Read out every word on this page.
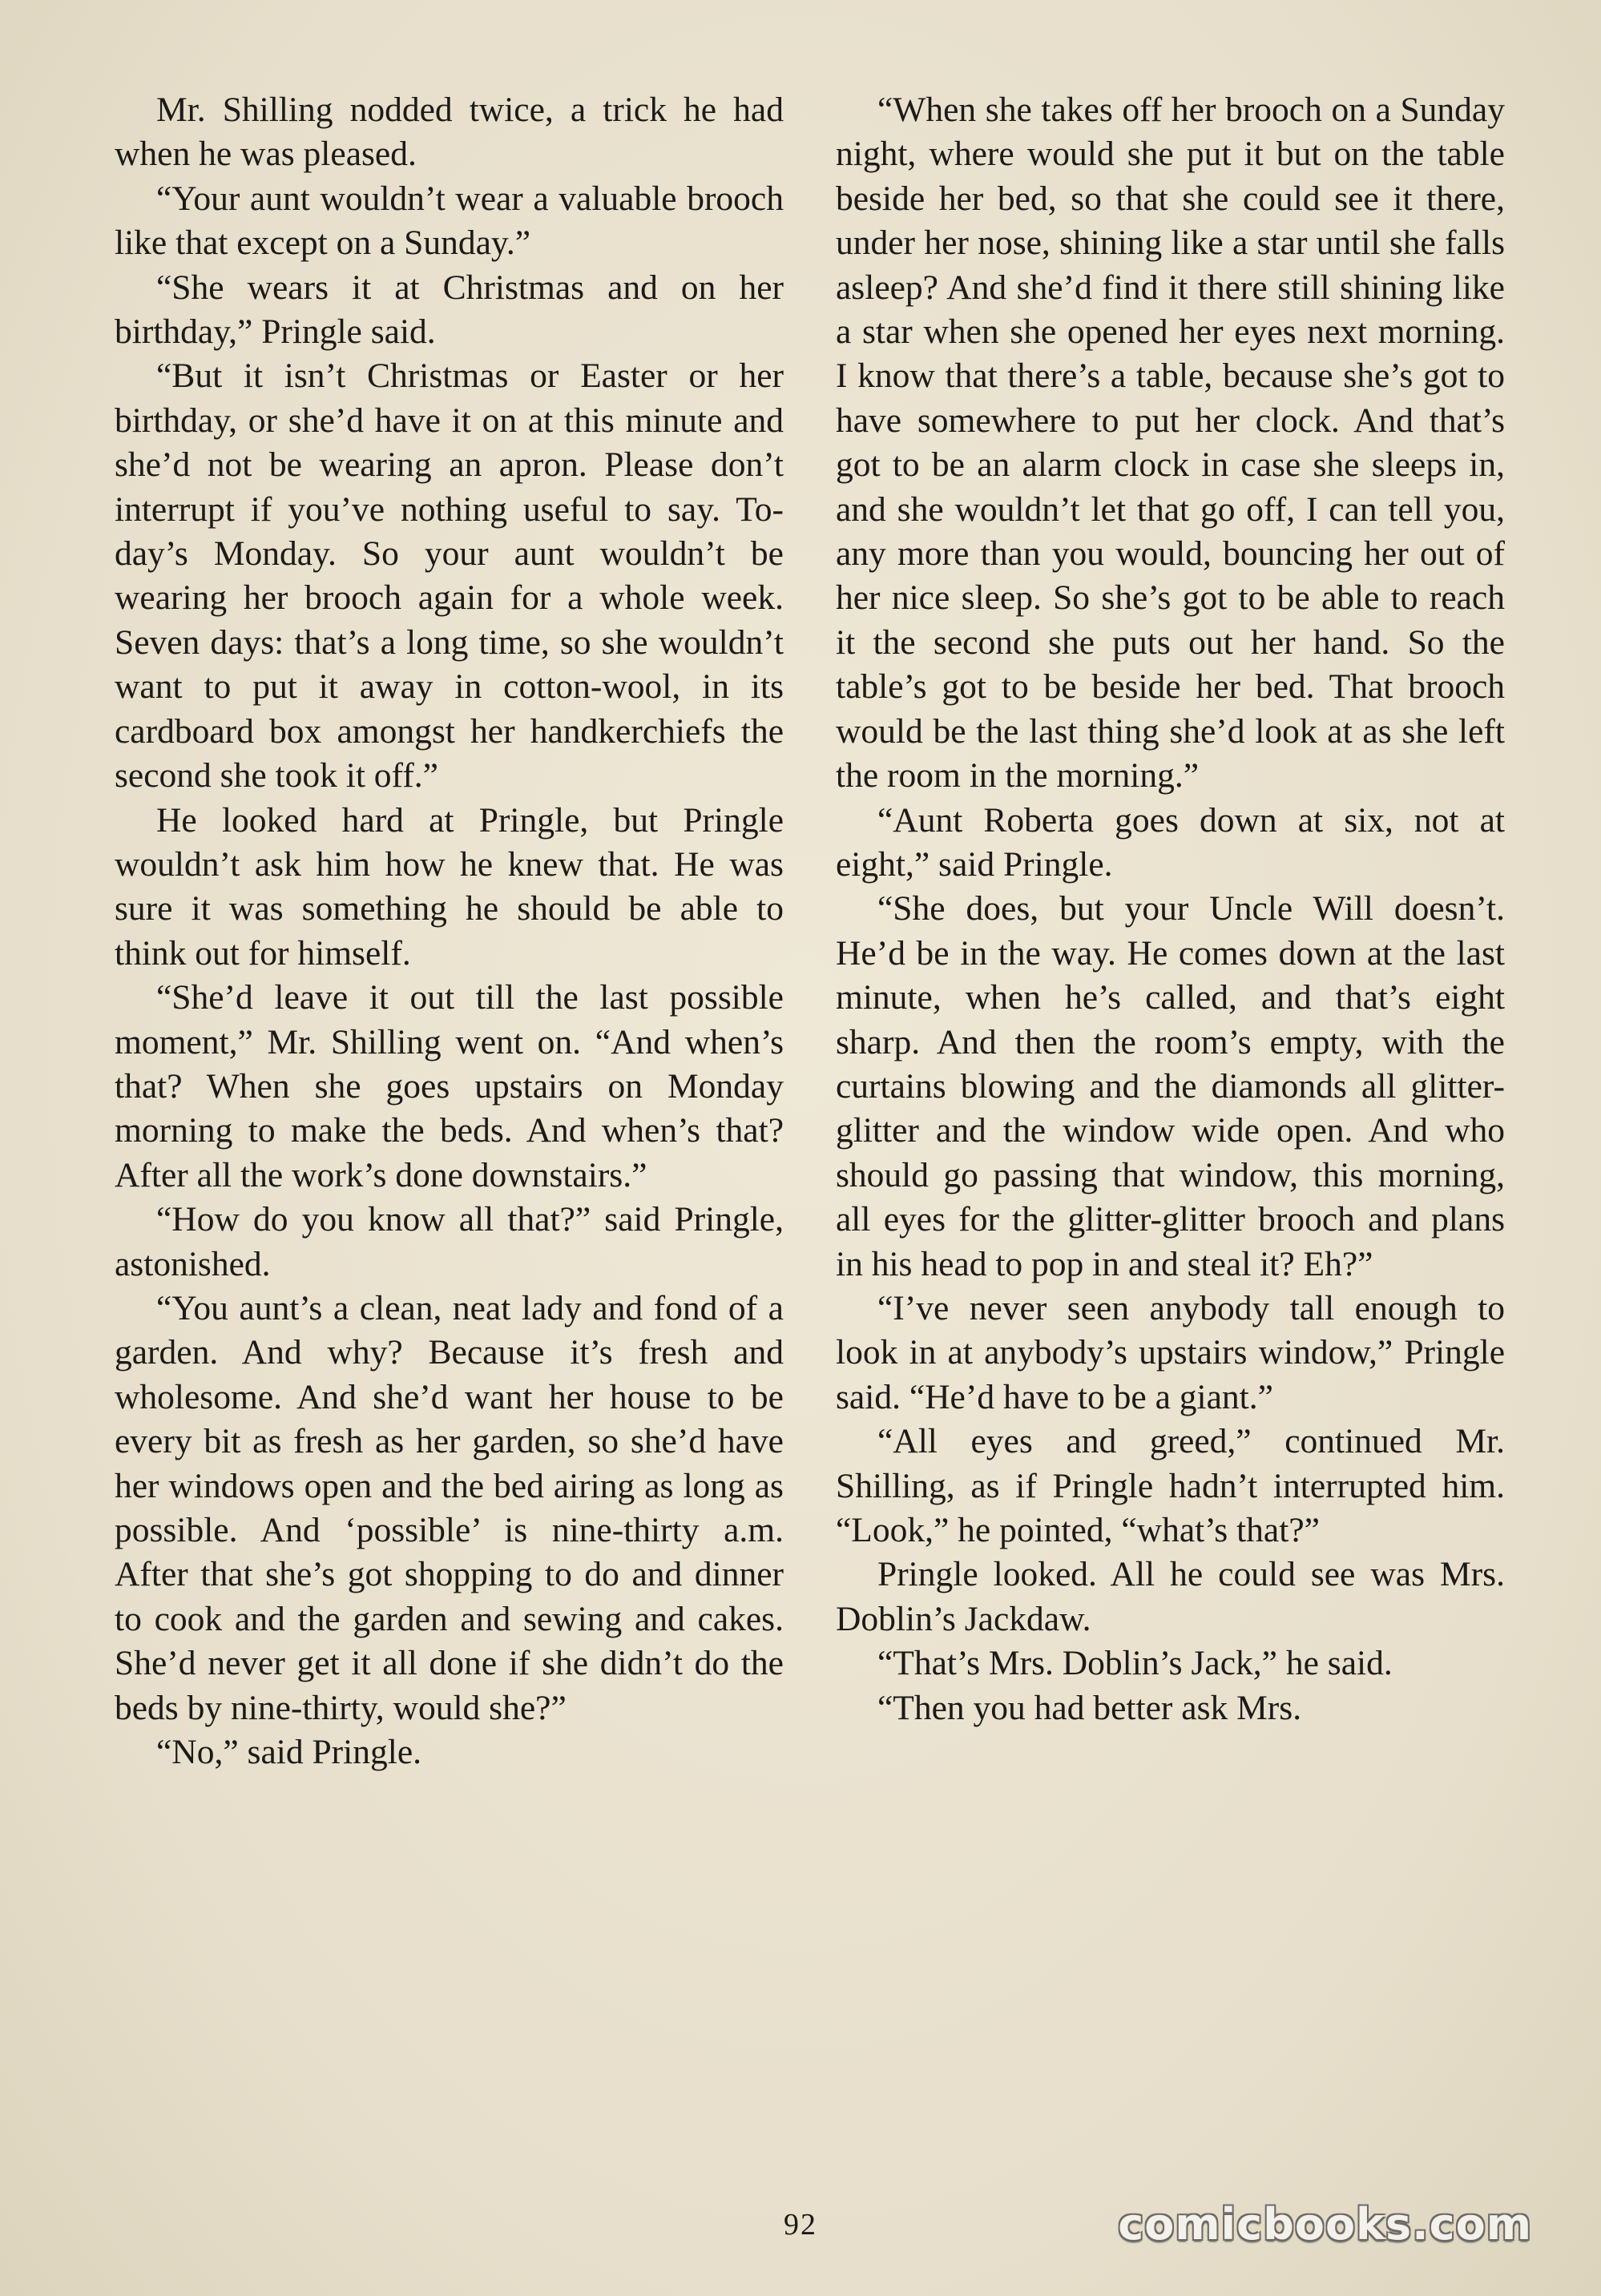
Mr. Shilling nodded twice, a trick he had when he was pleased.

“Your aunt wouldn’t wear a valuable brooch like that except on a Sunday.”

“She wears it at Christmas and on her birthday,” Pringle said.

“But it isn’t Christmas or Easter or her birthday, or she’d have it on at this minute and she’d not be wearing an apron. Please don’t interrupt if you’ve nothing useful to say. Today’s Monday. So your aunt wouldn’t be wearing her brooch again for a whole week. Seven days: that’s a long time, so she wouldn’t want to put it away in cotton-wool, in its cardboard box amongst her handkerchiefs the second she took it off.”

He looked hard at Pringle, but Pringle wouldn’t ask him how he knew that. He was sure it was something he should be able to think out for himself.

“She’d leave it out till the last possible moment,” Mr. Shilling went on. “And when’s that? When she goes upstairs on Monday morning to make the beds. And when’s that? After all the work’s done downstairs.”

“How do you know all that?” said Pringle, astonished.

“You aunt’s a clean, neat lady and fond of a garden. And why? Because it’s fresh and wholesome. And she’d want her house to be every bit as fresh as her garden, so she’d have her windows open and the bed airing as long as possible. And ‘possible’ is nine-thirty a.m. After that she’s got shopping to do and dinner to cook and the garden and sewing and cakes. She’d never get it all done if she didn’t do the beds by nine-thirty, would she?”

“No,” said Pringle.

“When she takes off her brooch on a Sunday night, where would she put it but on the table beside her bed, so that she could see it there, under her nose, shining like a star until she falls asleep? And she’d find it there still shining like a star when she opened her eyes next morning. I know that there’s a table, because she’s got to have somewhere to put her clock. And that’s got to be an alarm clock in case she sleeps in, and she wouldn’t let that go off, I can tell you, any more than you would, bouncing her out of her nice sleep. So she’s got to be able to reach it the second she puts out her hand. So the table’s got to be beside her bed. That brooch would be the last thing she’d look at as she left the room in the morning.”

“Aunt Roberta goes down at six, not at eight,” said Pringle.

“She does, but your Uncle Will doesn’t. He’d be in the way. He comes down at the last minute, when he’s called, and that’s eight sharp. And then the room’s empty, with the curtains blowing and the diamonds all glitter-glitter and the window wide open. And who should go passing that window, this morning, all eyes for the glitter-glitter brooch and plans in his head to pop in and steal it? Eh?”

“I’ve never seen anybody tall enough to look in at anybody’s upstairs window,” Pringle said. “He’d have to be a giant.”

“All eyes and greed,” continued Mr. Shilling, as if Pringle hadn’t interrupted him. “Look,” he pointed, “what’s that?”

Pringle looked. All he could see was Mrs. Doblin’s Jackdaw.

“That’s Mrs. Doblin’s Jack,” he said.

“Then you had better ask Mrs.

92	comicbooks.com
